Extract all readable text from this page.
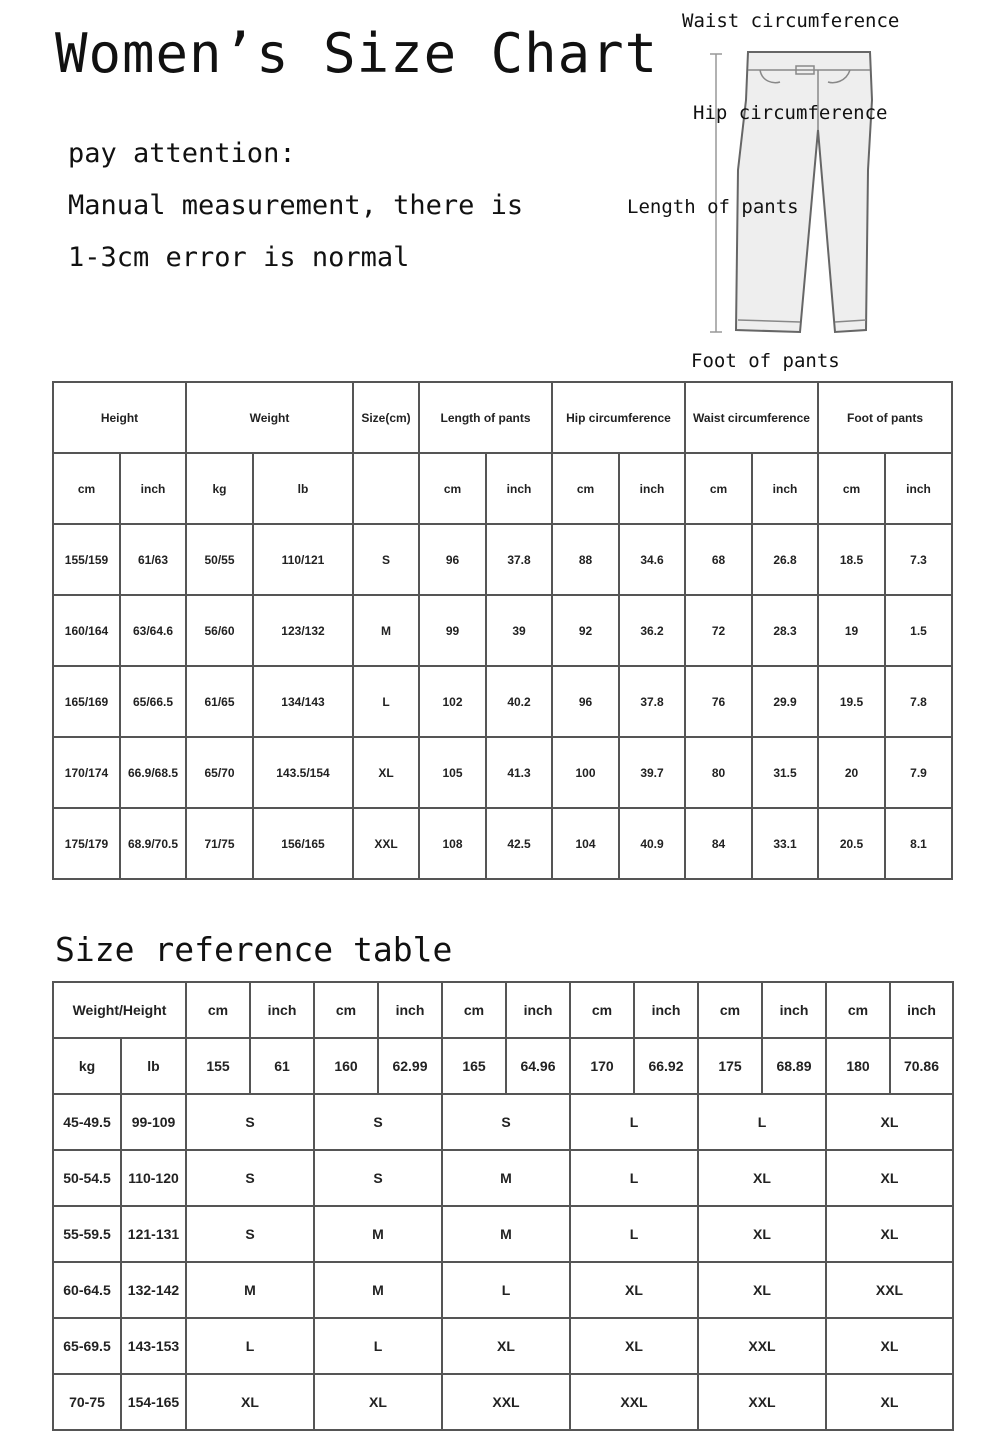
Women’s Size Chart
pay attention:
Manual measurement, there is
1-3cm error is normal
Waist circumference
Hip circumference
Length of pants
Foot of pants
Height		Weight		Size(cm)	Length of pants		Hip circumference		Waist circumference		Foot of pants	
cm	inch	kg	lb		cm	inch	cm	inch	cm	inch	cm	inch
155/159	61/63	50/55	110/121	S	96	37.8	88	34.6	68	26.8	18.5	7.3
160/164	63/64.6	56/60	123/132	M	99	39	92	36.2	72	28.3	19	1.5
165/169	65/66.5	61/65	134/143	L	102	40.2	96	37.8	76	29.9	19.5	7.8
170/174	66.9/68.5	65/70	143.5/154	XL	105	41.3	100	39.7	80	31.5	20	7.9
175/179	68.9/70.5	71/75	156/165	XXL	108	42.5	104	40.9	84	33.1	20.5	8.1
Size reference table
Weight/Height		cm	inch	cm	inch	cm	inch	cm	inch	cm	inch	cm	inch
kg	lb	155	61	160	62.99	165	64.96	170	66.92	175	68.89	180	70.86
45-49.5	99-109	S		S		S		L		L		XL	
50-54.5	110-120	S		S		M		L		XL		XL	
55-59.5	121-131	S		M		M		L		XL		XL	
60-64.5	132-142	M		M		L		XL		XL		XXL	
65-69.5	143-153	L		L		XL		XL		XXL		XL	
70-75	154-165	XL		XL		XXL		XXL		XXL		XL	
